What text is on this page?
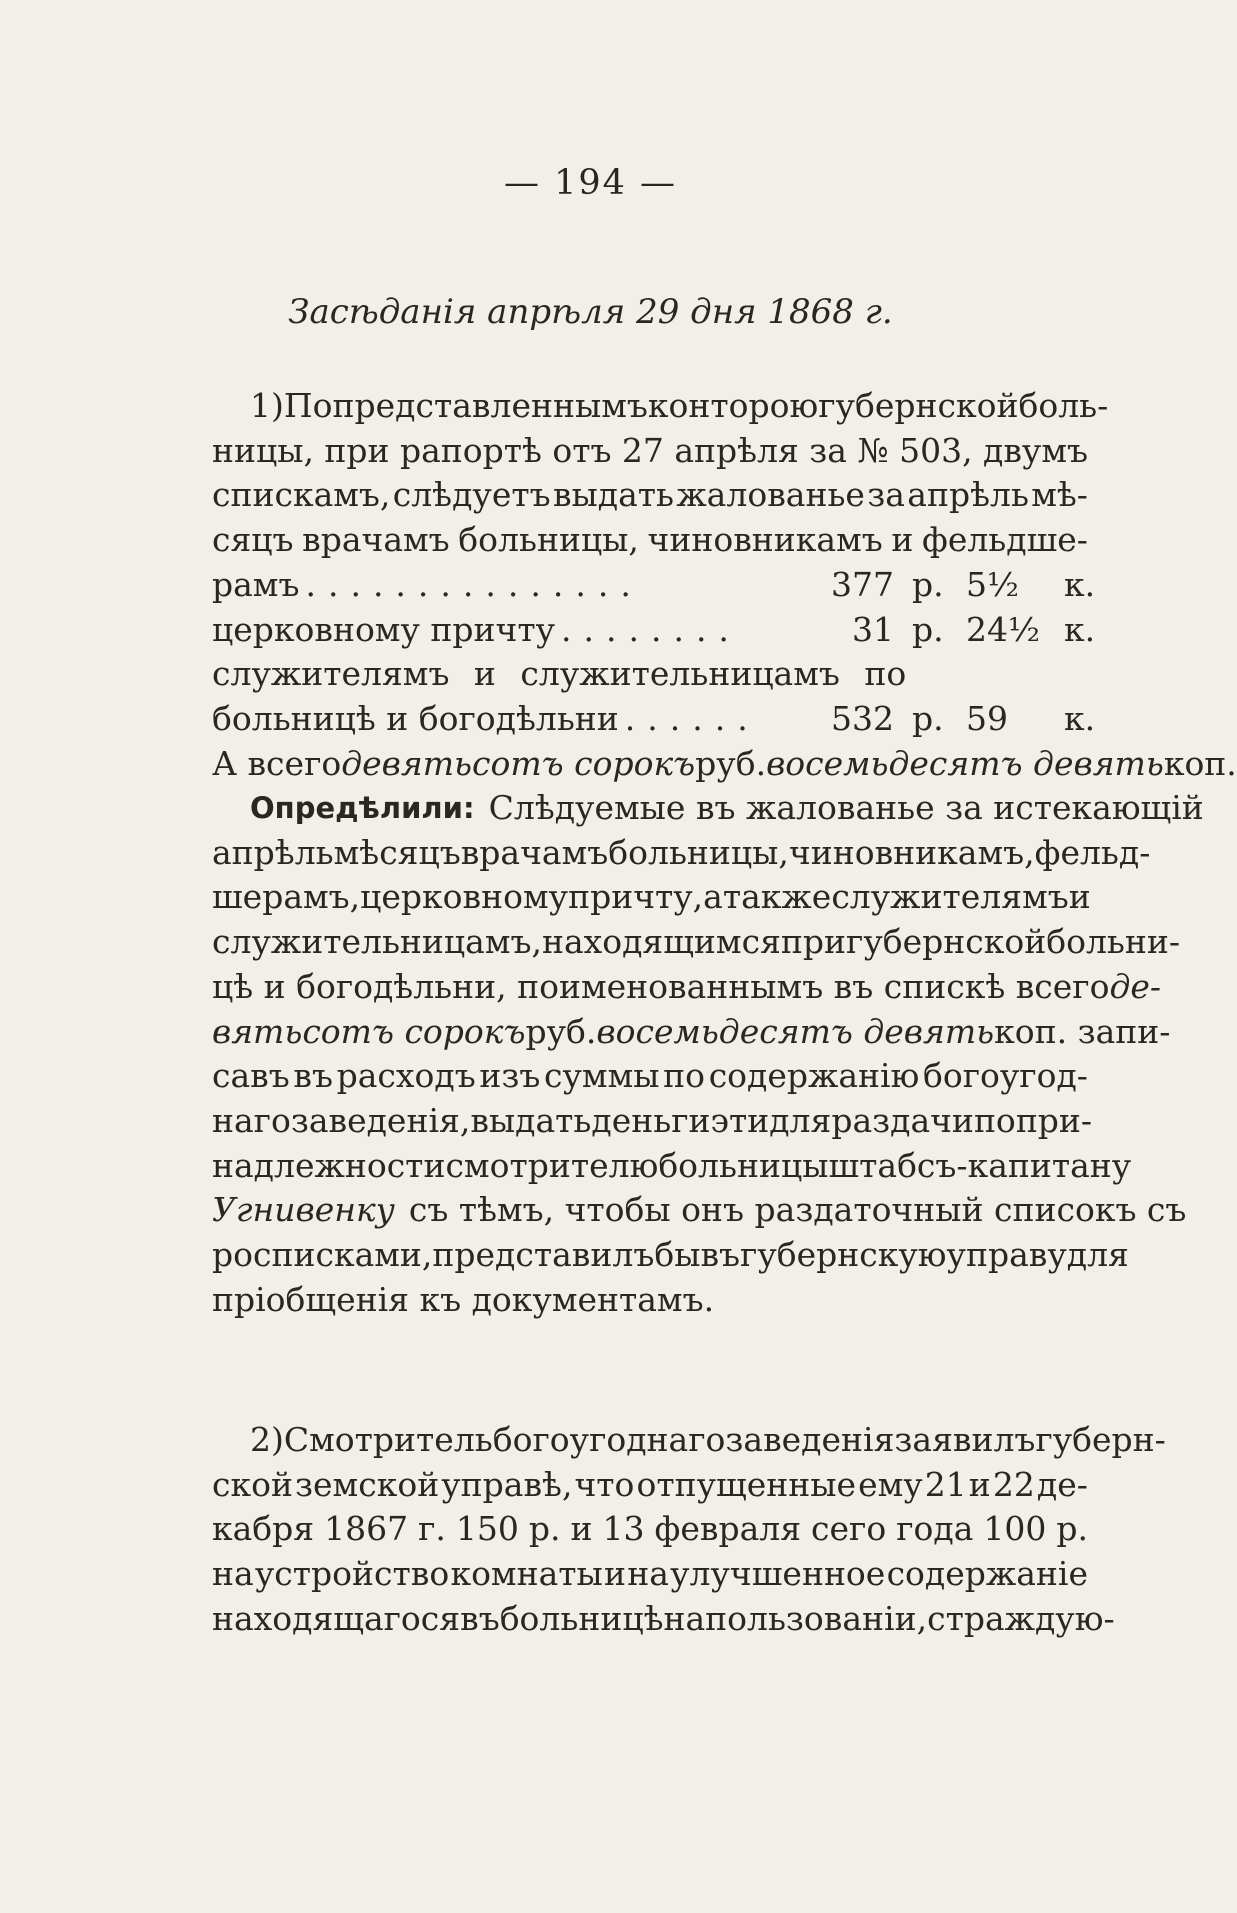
— 194 —
Засѣданія апрѣля 29 дня 1868 г.
1) По представленнымъ конторою губернской боль-
ницы, при рапортѣ отъ 27 апрѣля за № 503, двумъ
спискамъ, слѣдуетъ выдать жалованье за апрѣль мѣ-
сяцъ врачамъ больницы, чиновникамъ и фельдше-
рамъ ...............	377 р. 5½	к.
церковному причту ........	31 р. 24½ к.
служителямъ и служительницамъ по
больницѣ и богодѣльни ......	532 р. 59	к.
А всего девятьсотъ сорокъ руб. восемьдесятъ девять коп.
Опредѣлили: Слѣдуемые въ жалованье за истекающій
апрѣль мѣсяцъ врачамъ больницы, чиновникамъ, фельд-
шерамъ, церковному причту, а также служителямъ и
служительницамъ, находящимся при губернской больни-
цѣ и богодѣльни, поименованнымъ въ спискѣ всего де-
вятьсотъ сорокъ руб. восемьдесятъ девять коп. запи-
савъ въ расходъ изъ суммы по содержанію богоугод-
наго заведенія, выдать деньги эти для раздачи по при-
надлежности смотрителю больницы штабсъ - капитану
Угнивенку съ тѣмъ, чтобы онъ раздаточный списокъ съ
росписками, представилъ бы въ губернскую управу для
пріобщенія къ документамъ.
2) Смотритель богоугоднаго заведенія заявилъ губерн-
ской земской управѣ, что отпущенные ему 21 и 22 де-
кабря 1867 г. 150 р. и 13 февраля сего года 100 р.
на устройство комнаты и на улучшенное содержаніе
находящагося въ больницѣ на пользованіи, страждую-
